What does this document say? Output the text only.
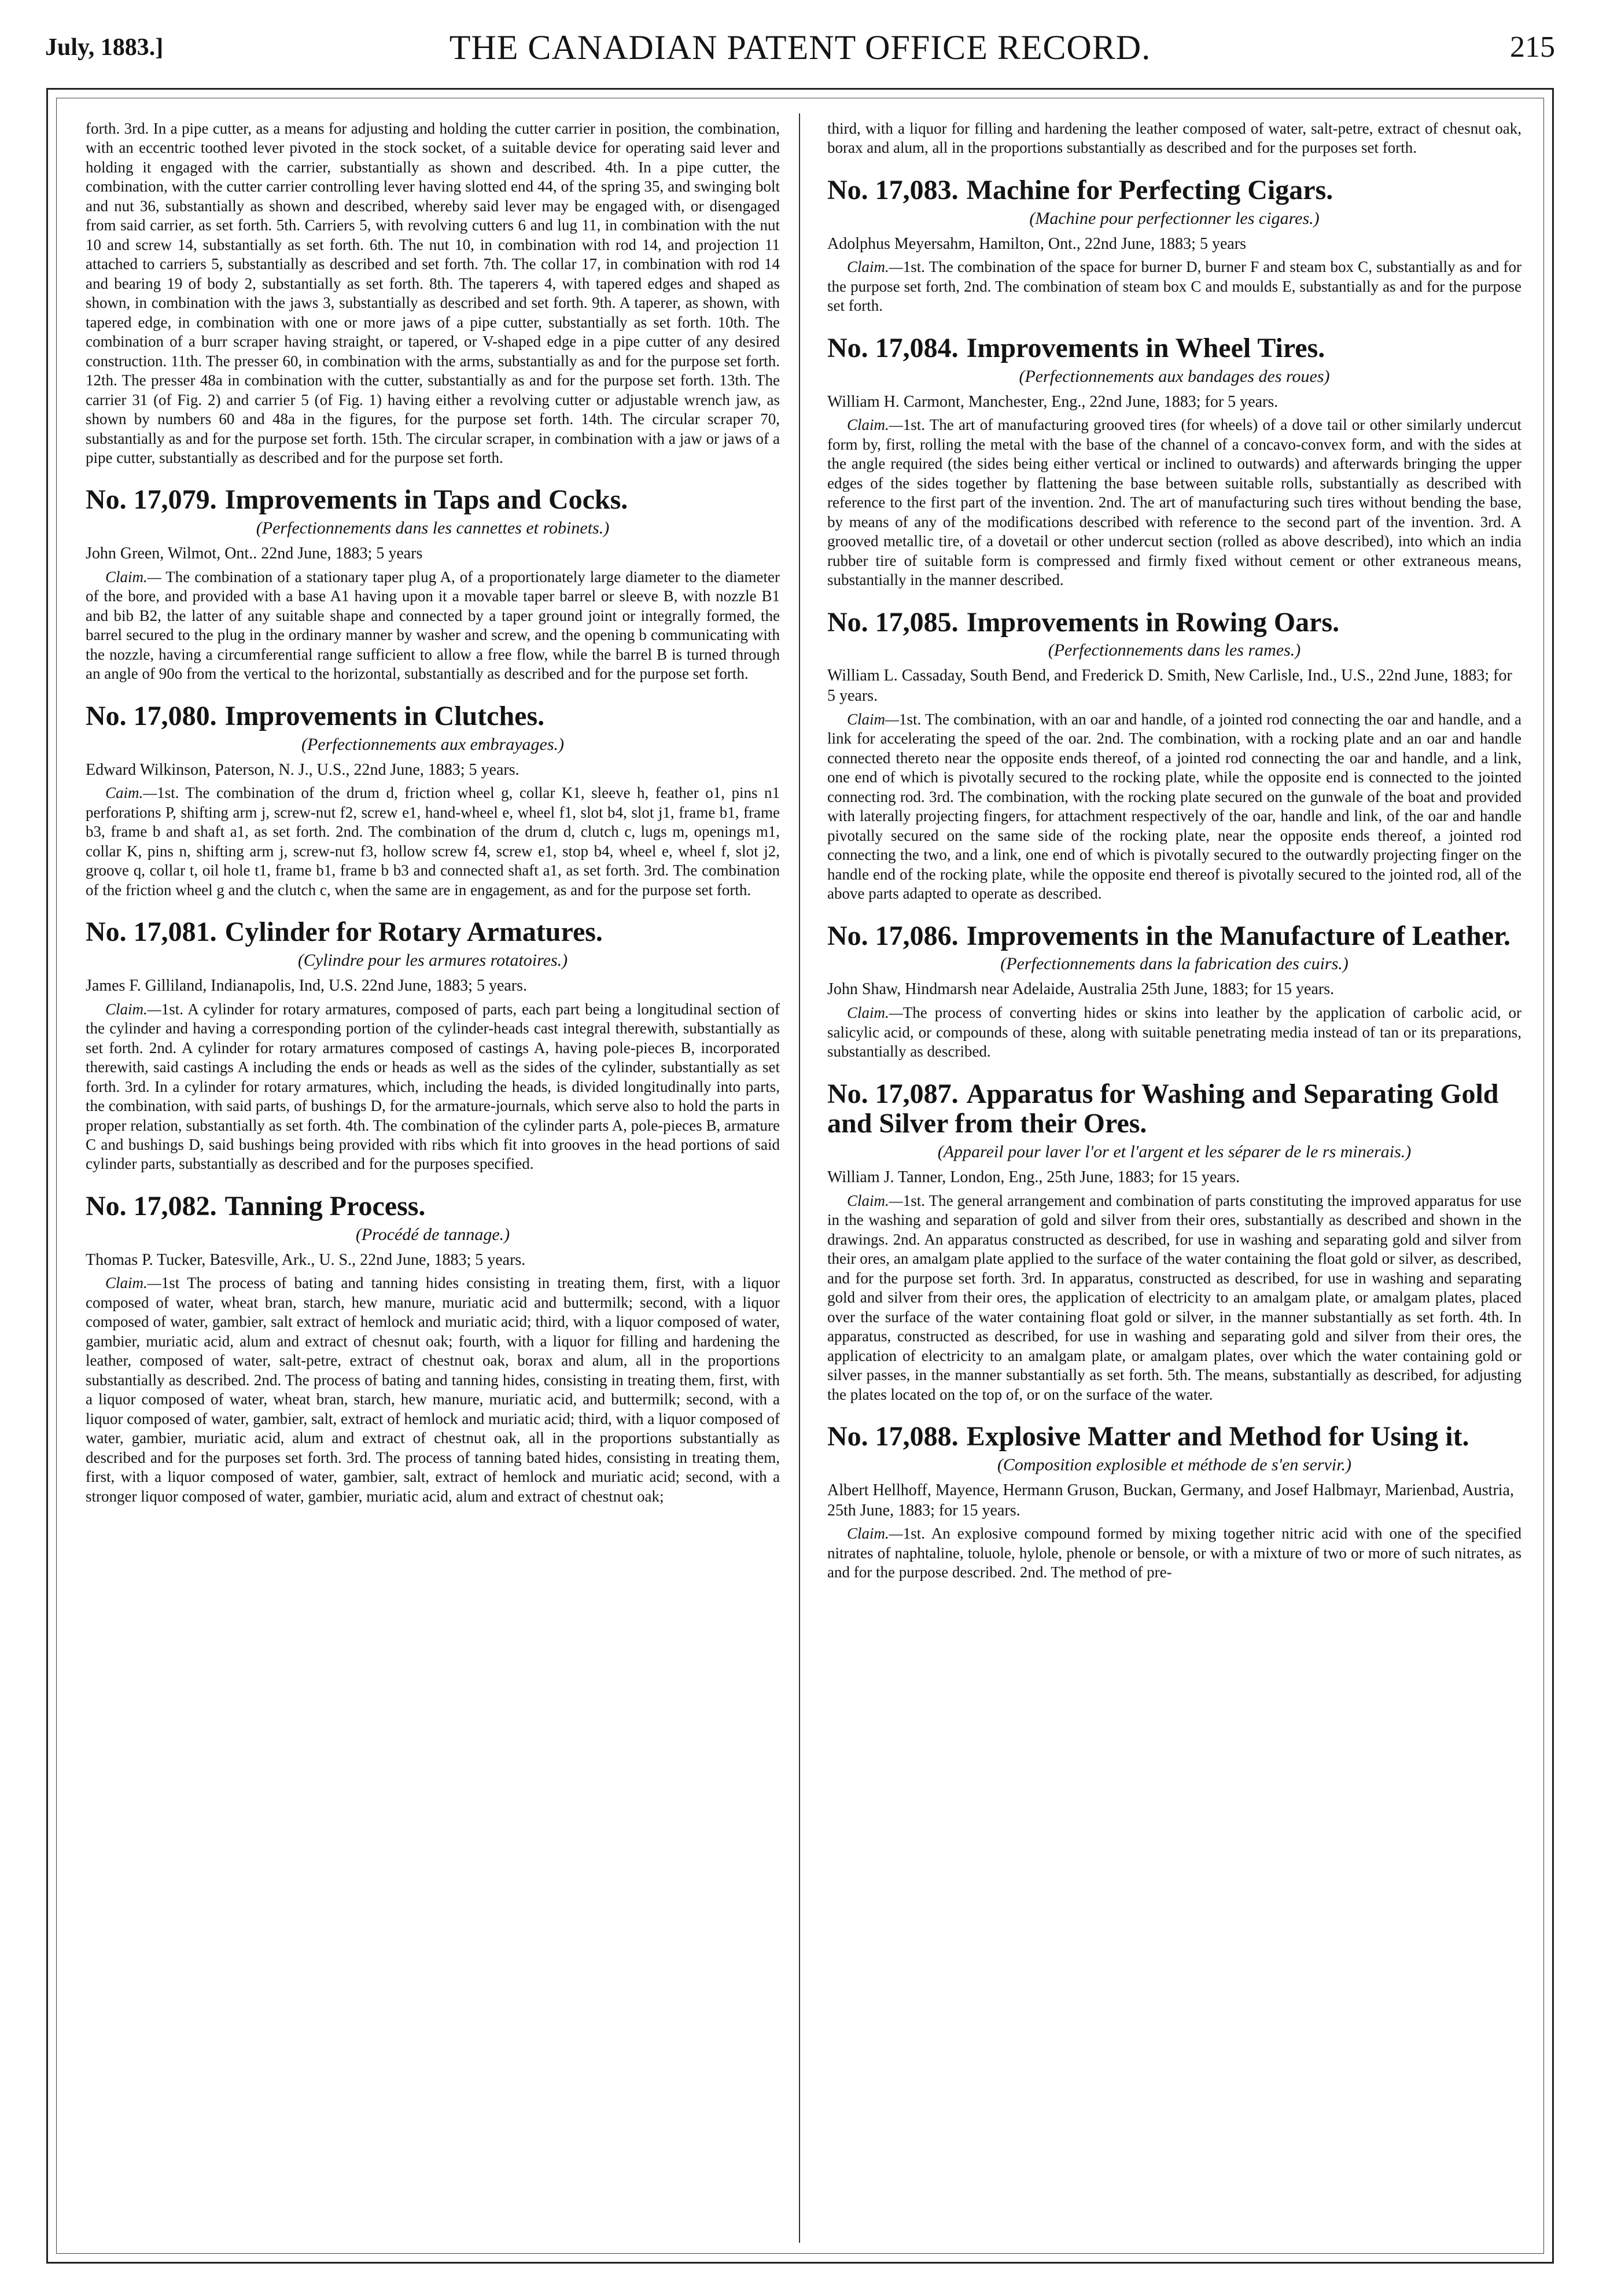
July, 1883.]	THE CANADIAN PATENT OFFICE RECORD.	215

forth. 3rd. In a pipe cutter, as a means for adjusting and holding the cutter carrier in position, the combination, with an eccentric toothed lever pivoted in the stock socket, of a suitable device for operating said lever and holding it engaged with the carrier, substantially as shown and described. 4th. In a pipe cutter, the combination, with the cutter carrier controlling lever having slotted end 44, of the spring 35, and swinging bolt and nut 36, substantially as shown and described, whereby said lever may be engaged with, or disengaged from said carrier, as set forth. 5th. Carriers 5, with revolving cutters 6 and lug 11, in combination with the nut 10 and screw 14, substantially as set forth. 6th. The nut 10, in combination with rod 14, and projection 11 attached to carriers 5, substantially as described and set forth. 7th. The collar 17, in combination with rod 14 and bearing 19 of body 2, substantially as set forth. 8th. The taperers 4, with tapered edges and shaped as shown, in combination with the jaws 3, substantially as described and set forth. 9th. A taperer, as shown, with tapered edge, in combination with one or more jaws of a pipe cutter, substantially as set forth. 10th. The combination of a burr scraper having straight, or tapered, or V-shaped edge in a pipe cutter of any desired construction. 11th. The presser 60, in combination with the arms, substantially as and for the purpose set forth. 12th. The presser 48a in combination with the cutter, substantially as and for the purpose set forth. 13th. The carrier 31 (of Fig. 2) and carrier 5 (of Fig. 1) having either a revolving cutter or adjustable wrench jaw, as shown by numbers 60 and 48a in the figures, for the purpose set forth. 14th. The circular scraper 70, substantially as and for the purpose set forth. 15th. The circular scraper, in combination with a jaw or jaws of a pipe cutter, substantially as described and for the purpose set forth.

No. 17,079. Improvements in Taps and Cocks.

(Perfectionnements dans les cannettes et robinets.)

John Green, Wilmot, Ont.. 22nd June, 1883; 5 years

Claim.— The combination of a stationary taper plug A, of a proportionately large diameter to the diameter of the bore, and provided with a base A1 having upon it a movable taper barrel or sleeve B, with nozzle B1 and bib B2, the latter of any suitable shape and connected by a taper ground joint or integrally formed, the barrel secured to the plug in the ordinary manner by washer and screw, and the opening b communicating with the nozzle, having a circumferential range sufficient to allow a free flow, while the barrel B is turned through an angle of 90o from the vertical to the horizontal, substantially as described and for the purpose set forth.

No. 17,080. Improvements in Clutches.

(Perfectionnements aux embrayages.)

Edward Wilkinson, Paterson, N. J., U.S., 22nd June, 1883; 5 years.

Caim.—1st. The combination of the drum d, friction wheel g, collar K1, sleeve h, feather o1, pins n1 perforations P, shifting arm j, screw-nut f2, screw e1, hand-wheel e, wheel f1, slot b4, slot j1, frame b1, frame b3, frame b and shaft a1, as set forth. 2nd. The combination of the drum d, clutch c, lugs m, openings m1, collar K, pins n, shifting arm j, screw-nut f3, hollow screw f4, screw e1, stop b4, wheel e, wheel f, slot j2, groove q, collar t, oil hole t1, frame b1, frame b b3 and connected shaft a1, as set forth. 3rd. The combination of the friction wheel g and the clutch c, when the same are in engagement, as and for the purpose set forth.

No. 17,081. Cylinder for Rotary Armatures.

(Cylindre pour les armures rotatoires.)

James F. Gilliland, Indianapolis, Ind, U.S. 22nd June, 1883; 5 years.

Claim.—1st. A cylinder for rotary armatures, composed of parts, each part being a longitudinal section of the cylinder and having a corresponding portion of the cylinder-heads cast integral therewith, substantially as set forth. 2nd. A cylinder for rotary armatures composed of castings A, having pole-pieces B, incorporated therewith, said castings A including the ends or heads as well as the sides of the cylinder, substantially as set forth. 3rd. In a cylinder for rotary armatures, which, including the heads, is divided longitudinally into parts, the combination, with said parts, of bushings D, for the armature-journals, which serve also to hold the parts in proper relation, substantially as set forth. 4th. The combination of the cylinder parts A, pole-pieces B, armature C and bushings D, said bushings being provided with ribs which fit into grooves in the head portions of said cylinder parts, substantially as described and for the purposes specified.

No. 17,082. Tanning Process.

(Procédé de tannage.)

Thomas P. Tucker, Batesville, Ark., U. S., 22nd June, 1883; 5 years.

Claim.—1st The process of bating and tanning hides consisting in treating them, first, with a liquor composed of water, wheat bran, starch, hew manure, muriatic acid and buttermilk; second, with a liquor composed of water, gambier, salt extract of hemlock and muriatic acid; third, with a liquor composed of water, gambier, muriatic acid, alum and extract of chesnut oak; fourth, with a liquor for filling and hardening the leather, composed of water, salt-petre, extract of chestnut oak, borax and alum, all in the proportions substantially as described. 2nd. The process of bating and tanning hides, consisting in treating them, first, with a liquor composed of water, wheat bran, starch, hew manure, muriatic acid, and buttermilk; second, with a liquor composed of water, gambier, salt, extract of hemlock and muriatic acid; third, with a liquor composed of water, gambier, muriatic acid, alum and extract of chestnut oak, all in the proportions substantially as described and for the purposes set forth. 3rd. The process of tanning bated hides, consisting in treating them, first, with a liquor composed of water, gambier, salt, extract of hemlock and muriatic acid; second, with a stronger liquor composed of water, gambier, muriatic acid, alum and extract of chestnut oak;

third, with a liquor for filling and hardening the leather composed of water, salt-petre, extract of chesnut oak, borax and alum, all in the proportions substantially as described and for the purposes set forth.

No. 17,083. Machine for Perfecting Cigars.

(Machine pour perfectionner les cigares.)

Adolphus Meyersahm, Hamilton, Ont., 22nd June, 1883; 5 years

Claim.—1st. The combination of the space for burner D, burner F and steam box C, substantially as and for the purpose set forth, 2nd. The combination of steam box C and moulds E, substantially as and for the purpose set forth.

No. 17,084. Improvements in Wheel Tires.

(Perfectionnements aux bandages des roues)

William H. Carmont, Manchester, Eng., 22nd June, 1883; for 5 years.

Claim.—1st. The art of manufacturing grooved tires (for wheels) of a dove tail or other similarly undercut form by, first, rolling the metal with the base of the channel of a concavo-convex form, and with the sides at the angle required (the sides being either vertical or inclined to outwards) and afterwards bringing the upper edges of the sides together by flattening the base between suitable rolls, substantially as described with reference to the first part of the invention. 2nd. The art of manufacturing such tires without bending the base, by means of any of the modifications described with reference to the second part of the invention. 3rd. A grooved metallic tire, of a dovetail or other undercut section (rolled as above described), into which an india rubber tire of suitable form is compressed and firmly fixed without cement or other extraneous means, substantially in the manner described.

No. 17,085. Improvements in Rowing Oars.

(Perfectionnements dans les rames.)

William L. Cassaday, South Bend, and Frederick D. Smith, New Carlisle, Ind., U.S., 22nd June, 1883; for 5 years.

Claim—1st. The combination, with an oar and handle, of a jointed rod connecting the oar and handle, and a link for accelerating the speed of the oar. 2nd. The combination, with a rocking plate and an oar and handle connected thereto near the opposite ends thereof, of a jointed rod connecting the oar and handle, and a link, one end of which is pivotally secured to the rocking plate, while the opposite end is connected to the jointed connecting rod. 3rd. The combination, with the rocking plate secured on the gunwale of the boat and provided with laterally projecting fingers, for attachment respectively of the oar, handle and link, of the oar and handle pivotally secured on the same side of the rocking plate, near the opposite ends thereof, a jointed rod connecting the two, and a link, one end of which is pivotally secured to the outwardly projecting finger on the handle end of the rocking plate, while the opposite end thereof is pivotally secured to the jointed rod, all of the above parts adapted to operate as described.

No. 17,086. Improvements in the Manufacture of Leather.

(Perfectionnements dans la fabrication des cuirs.)

John Shaw, Hindmarsh near Adelaide, Australia 25th June, 1883; for 15 years.

Claim.—The process of converting hides or skins into leather by the application of carbolic acid, or salicylic acid, or compounds of these, along with suitable penetrating media instead of tan or its preparations, substantially as described.

No. 17,087. Apparatus for Washing and Separating Gold and Silver from their Ores.

(Appareil pour laver l'or et l'argent et les séparer de le rs minerais.)

William J. Tanner, London, Eng., 25th June, 1883; for 15 years.

Claim.—1st. The general arrangement and combination of parts constituting the improved apparatus for use in the washing and separation of gold and silver from their ores, substantially as described and shown in the drawings. 2nd. An apparatus constructed as described, for use in washing and separating gold and silver from their ores, an amalgam plate applied to the surface of the water containing the float gold or silver, as described, and for the purpose set forth. 3rd. In apparatus, constructed as described, for use in washing and separating gold and silver from their ores, the application of electricity to an amalgam plate, or amalgam plates, placed over the surface of the water containing float gold or silver, in the manner substantially as set forth. 4th. In apparatus, constructed as described, for use in washing and separating gold and silver from their ores, the application of electricity to an amalgam plate, or amalgam plates, over which the water containing gold or silver passes, in the manner substantially as set forth. 5th. The means, substantially as described, for adjusting the plates located on the top of, or on the surface of the water.

No. 17,088. Explosive Matter and Method for Using it.

(Composition explosible et méthode de s'en servir.)

Albert Hellhoff, Mayence, Hermann Gruson, Buckan, Germany, and Josef Halbmayr, Marienbad, Austria, 25th June, 1883; for 15 years.

Claim.—1st. An explosive compound formed by mixing together nitric acid with one of the specified nitrates of naphtaline, toluole, hylole, phenole or bensole, or with a mixture of two or more of such nitrates, as and for the purpose described. 2nd. The method of pre-
